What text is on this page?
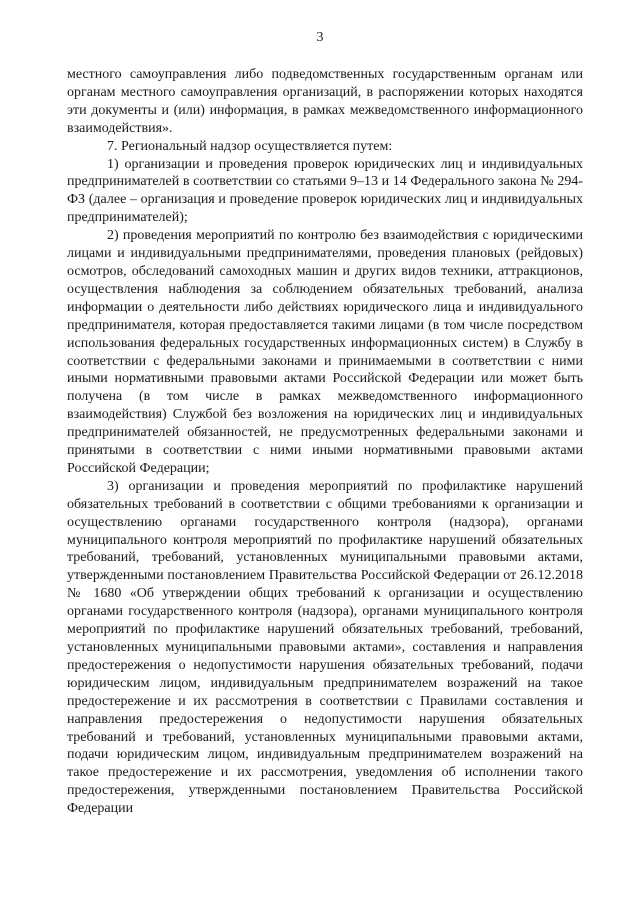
3

местного самоуправления либо подведомственных государственным органам или органам местного самоуправления организаций, в распоряжении которых находятся эти документы и (или) информация, в рамках межведомственного информационного взаимодействия».

7. Региональный надзор осуществляется путем:

1) организации и проведения проверок юридических лиц и индивидуальных предпринимателей в соответствии со статьями 9–13 и 14 Федерального закона № 294-ФЗ (далее – организация и проведение проверок юридических лиц и индивидуальных предпринимателей);

2) проведения мероприятий по контролю без взаимодействия с юридическими лицами и индивидуальными предпринимателями, проведения плановых (рейдовых) осмотров, обследований самоходных машин и других видов техники, аттракционов, осуществления наблюдения за соблюдением обязательных требований, анализа информации о деятельности либо действиях юридического лица и индивидуального предпринимателя, которая предоставляется такими лицами (в том числе посредством использования федеральных государственных информационных систем) в Службу в соответствии с федеральными законами и принимаемыми в соответствии с ними иными нормативными правовыми актами Российской Федерации или может быть получена (в том числе в рамках межведомственного информационного взаимодействия) Службой без возложения на юридических лиц и индивидуальных предпринимателей обязанностей, не предусмотренных федеральными законами и принятыми в соответствии с ними иными нормативными правовыми актами Российской Федерации;

3) организации и проведения мероприятий по профилактике нарушений обязательных требований в соответствии с общими требованиями к организации и осуществлению органами государственного контроля (надзора), органами муниципального контроля мероприятий по профилактике нарушений обязательных требований, требований, установленных муниципальными правовыми актами, утвержденными постановлением Правительства Российской Федерации от 26.12.2018 № 1680 «Об утверждении общих требований к организации и осуществлению органами государственного контроля (надзора), органами муниципального контроля мероприятий по профилактике нарушений обязательных требований, требований, установленных муниципальными правовыми актами», составления и направления предостережения о недопустимости нарушения обязательных требований, подачи юридическим лицом, индивидуальным предпринимателем возражений на такое предостережение и их рассмотрения в соответствии с Правилами составления и направления предостережения о недопустимости нарушения обязательных требований и требований, установленных муниципальными правовыми актами, подачи юридическим лицом, индивидуальным предпринимателем возражений на такое предостережение и их рассмотрения, уведомления об исполнении такого предостережения, утвержденными постановлением Правительства Российской Федерации
